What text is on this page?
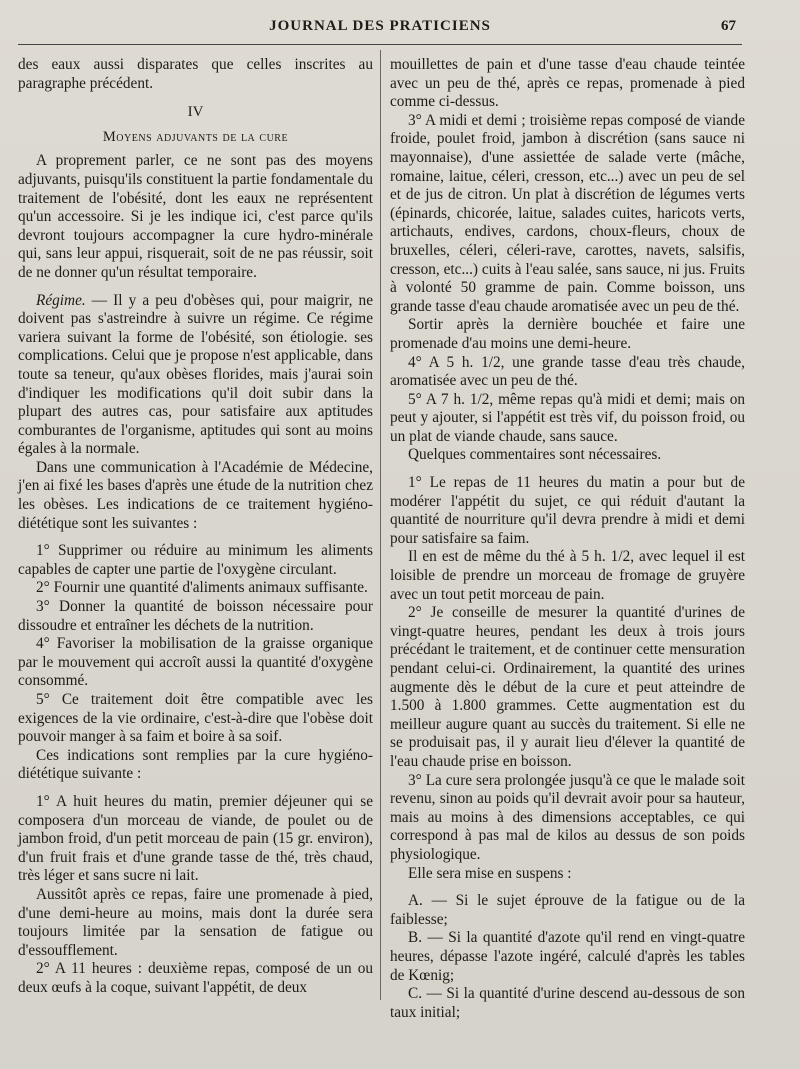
JOURNAL DES PRATICIENS	67

des eaux aussi disparates que celles inscrites au paragraphe précédent.

IV
Moyens adjuvants de la cure

A proprement parler, ce ne sont pas des moyens adjuvants, puisqu'ils constituent la partie fondamentale du traitement de l'obésité, dont les eaux ne représentent qu'un accessoire. Si je les indique ici, c'est parce qu'ils devront toujours accompagner la cure hydro-minérale qui, sans leur appui, risquerait, soit de ne pas réussir, soit de ne donner qu'un résultat temporaire.

Régime. — Il y a peu d'obèses qui, pour maigrir, ne doivent pas s'astreindre à suivre un régime. Ce régime variera suivant la forme de l'obésité, son étiologie. ses complications. Celui que je propose n'est applicable, dans toute sa teneur, qu'aux obèses florides, mais j'aurai soin d'indiquer les modifications qu'il doit subir dans la plupart des autres cas, pour satisfaire aux aptitudes comburantes de l'organisme, aptitudes qui sont au moins égales à la normale.

Dans une communication à l'Académie de Médecine, j'en ai fixé les bases d'après une étude de la nutrition chez les obèses. Les indications de ce traitement hygiéno-diététique sont les suivantes :

1° Supprimer ou réduire au minimum les aliments capables de capter une partie de l'oxygène circulant.

2° Fournir une quantité d'aliments animaux suffisante.

3° Donner la quantité de boisson nécessaire pour dissoudre et entraîner les déchets de la nutrition.

4° Favoriser la mobilisation de la graisse organique par le mouvement qui accroît aussi la quantité d'oxygène consommé.

5° Ce traitement doit être compatible avec les exigences de la vie ordinaire, c'est-à-dire que l'obèse doit pouvoir manger à sa faim et boire à sa soif.

Ces indications sont remplies par la cure hygiéno-diététique suivante :

1° A huit heures du matin, premier déjeuner qui se composera d'un morceau de viande, de poulet ou de jambon froid, d'un petit morceau de pain (15 gr. environ), d'un fruit frais et d'une grande tasse de thé, très chaud, très léger et sans sucre ni lait.

Aussitôt après ce repas, faire une promenade à pied, d'une demi-heure au moins, mais dont la durée sera toujours limitée par la sensation de fatigue ou d'essoufflement.

2° A 11 heures : deuxième repas, composé de un ou deux œufs à la coque, suivant l'appétit, de deux

mouillettes de pain et d'une tasse d'eau chaude teintée avec un peu de thé, après ce repas, promenade à pied comme ci-dessus.

3° A midi et demi ; troisième repas composé de viande froide, poulet froid, jambon à discrétion (sans sauce ni mayonnaise), d'une assiettée de salade verte (mâche, romaine, laitue, céleri, cresson, etc...) avec un peu de sel et de jus de citron. Un plat à discrétion de légumes verts (épinards, chicorée, laitue, salades cuites, haricots verts, artichauts, endives, cardons, choux-fleurs, choux de bruxelles, céleri, céleri-rave, carottes, navets, salsifis, cresson, etc...) cuits à l'eau salée, sans sauce, ni jus. Fruits à volonté 50 gramme de pain. Comme boisson, uns grande tasse d'eau chaude aromatisée avec un peu de thé.

Sortir après la dernière bouchée et faire une promenade d'au moins une demi-heure.

4° A 5 h. 1/2, une grande tasse d'eau très chaude, aromatisée avec un peu de thé.

5° A 7 h. 1/2, même repas qu'à midi et demi; mais on peut y ajouter, si l'appétit est très vif, du poisson froid, ou un plat de viande chaude, sans sauce.

Quelques commentaires sont nécessaires.

1° Le repas de 11 heures du matin a pour but de modérer l'appétit du sujet, ce qui réduit d'autant la quantité de nourriture qu'il devra prendre à midi et demi pour satisfaire sa faim.

Il en est de même du thé à 5 h. 1/2, avec lequel il est loisible de prendre un morceau de fromage de gruyère avec un tout petit morceau de pain.

2° Je conseille de mesurer la quantité d'urines de vingt-quatre heures, pendant les deux à trois jours précédant le traitement, et de continuer cette mensuration pendant celui-ci. Ordinairement, la quantité des urines augmente dès le début de la cure et peut atteindre de 1.500 à 1.800 grammes. Cette augmentation est du meilleur augure quant au succès du traitement. Si elle ne se produisait pas, il y aurait lieu d'élever la quantité de l'eau chaude prise en boisson.

3° La cure sera prolongée jusqu'à ce que le malade soit revenu, sinon au poids qu'il devrait avoir pour sa hauteur, mais au moins à des dimensions acceptables, ce qui correspond à pas mal de kilos au dessus de son poids physiologique.

Elle sera mise en suspens :

A. — Si le sujet éprouve de la fatigue ou de la faiblesse;

B. — Si la quantité d'azote qu'il rend en vingt-quatre heures, dépasse l'azote ingéré, calculé d'après les tables de Kœnig;

C. — Si la quantité d'urine descend au-dessous de son taux initial;
